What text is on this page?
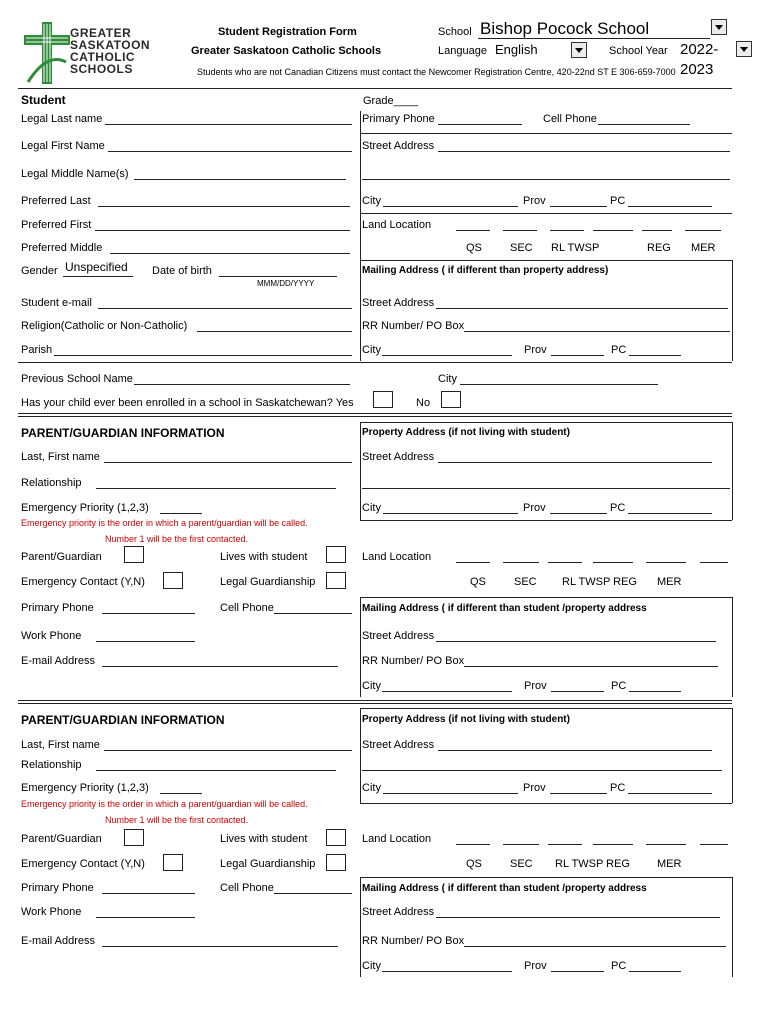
GREATER
SASKATOON
CATHOLIC
SCHOOLS
Student Registration Form
Greater Saskatoon Catholic Schools
School Bishop Pocock School
Language English	School Year 2022-2023
Students who are not Canadian Citizens must contact the Newcomer Registration Centre, 420-22nd ST E 306-659-7000
Student	Grade____
Legal Last name	Primary Phone	Cell Phone
Legal First Name	Street Address
Legal Middle Name(s)
Preferred Last	City	Prov	PC
Preferred First	Land Location
Preferred Middle	QS	SEC RL TWSP	REG MER
Gender Unspecified	Date of birth
MMM/DD/YYYY
Mailing Address ( if different than property address)
Student e-mail	Street Address
Religion(Catholic or Non-Catholic)	RR Number/ PO Box
Parish	City	Prov	PC
Previous School Name	City
Has your child ever been enrolled in a school in Saskatchewan? Yes	No
PARENT/GUARDIAN INFORMATION	Property Address (if not living with student)
Last, First name	Street Address
Relationship
Emergency Priority (1,2,3)	City	Prov	PC
Emergency priority is the order in which a parent/guardian will be called.
Number 1 will be the first contacted.
Parent/Guardian	Lives with student	Land Location
Emergency Contact (Y,N)	Legal Guardianship	QS	SEC RL TWSP REG MER
Primary Phone	Cell Phone	Mailing Address ( if different than student /property address
Work Phone	Street Address
E-mail Address	RR Number/ PO Box
City	Prov	PC
PARENT/GUARDIAN INFORMATION	Property Address (if not living with student)
Last, First name	Street Address
Relationship
Emergency Priority (1,2,3)	City	Prov	PC
Emergency priority is the order in which a parent/guardian will be called.
Number 1 will be the first contacted.
Parent/Guardian	Lives with student	Land Location
Emergency Contact (Y,N)	Legal Guardianship	QS	SEC RL TWSP REG MER
Primary Phone	Cell Phone	Mailing Address ( if different than student /property address
Work Phone	Street Address
E-mail Address	RR Number/ PO Box
City	Prov	PC
